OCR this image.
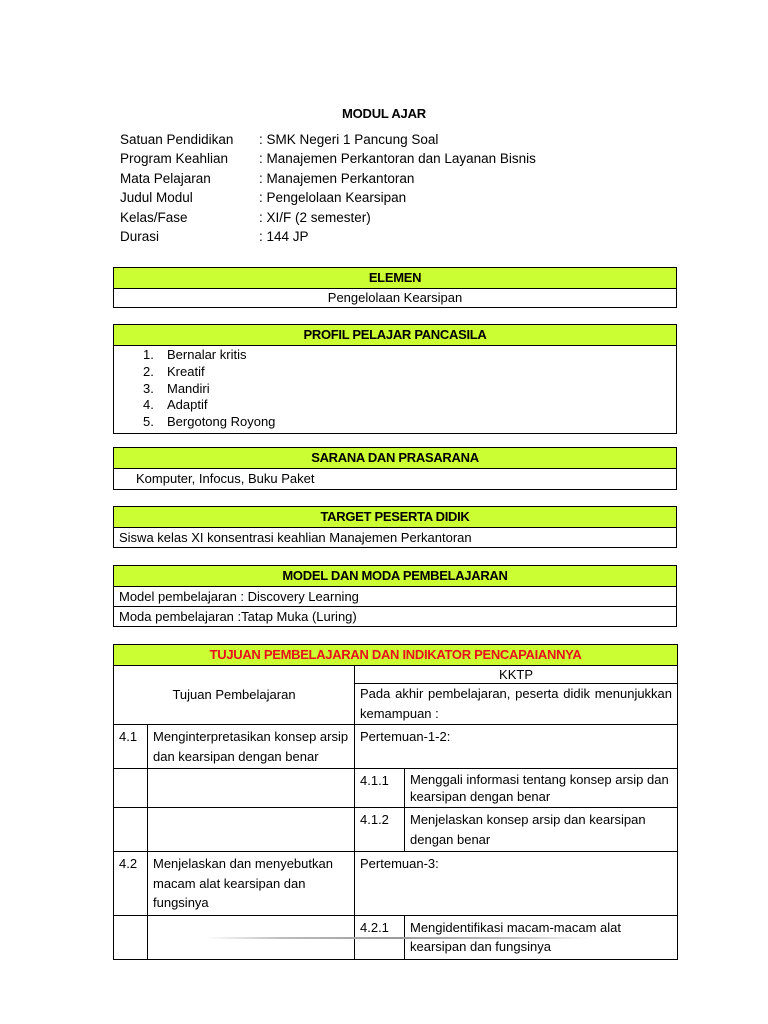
MODUL AJAR
Satuan Pendidikan : SMK Negeri 1 Pancung Soal
Program Keahlian : Manajemen Perkantoran dan Layanan Bisnis
Mata Pelajaran	: Manajemen Perkantoran
Judul Modul	: Pengelolaan Kearsipan
Kelas/Fase	: XI/F (2 semester)
Durasi	: 144 JP
ELEMEN
Pengelolaan Kearsipan
PROFIL PELAJAR PANCASILA
1. Bernalar kritis
2. Kreatif
3. Mandiri
4. Adaptif
5. Bergotong Royong
SARANA DAN PRASARANA
Komputer, Infocus, Buku Paket
TARGET PESERTA DIDIK
Siswa kelas XI konsentrasi keahlian Manajemen Perkantoran
MODEL DAN MODA PEMBELAJARAN
Model pembelajaran : Discovery Learning
Moda pembelajaran :Tatap Muka (Luring)
TUJUAN PEMBELAJARAN DAN INDIKATOR PENCAPAIANNYA			
Tujuan Pembelajaran		KKTP	
		Pada akhir pembelajaran, peserta didik menunjukkan kemampuan :	
4.1	Menginterpretasikan konsep arsip dan kearsipan dengan benar	Pertemuan-1-2:	
		4.1.1	Menggali informasi tentang konsep arsip dan kearsipan dengan benar
		4.1.2	Menjelaskan konsep arsip dan kearsipan dengan benar
4.2	Menjelaskan dan menyebutkan macam alat kearsipan dan fungsinya	Pertemuan-3:	
		4.2.1	Mengidentifikasi macam-macam alat kearsipan dan fungsinya
